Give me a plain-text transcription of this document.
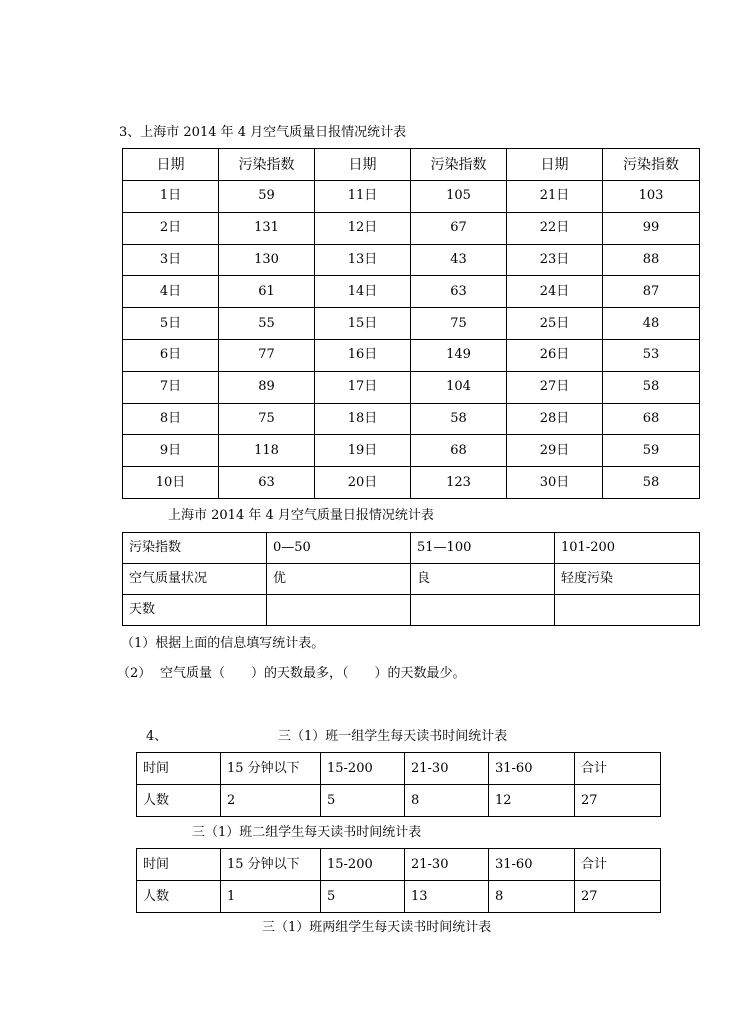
3、上海市 2014 年 4 月空气质量日报情况统计表
日期	污染指数	日期	污染指数	日期	污染指数
1日	59	11日	105	21日	103
2日	131	12日	67	22日	99
3日	130	13日	43	23日	88
4日	61	14日	63	24日	87
5日	55	15日	75	25日	48
6日	77	16日	149	26日	53
7日	89	17日	104	27日	58
8日	75	18日	58	28日	68
9日	118	19日	68	29日	59
10日	63	20日	123	30日	58
上海市 2014 年 4 月空气质量日报情况统计表
污染指数	0—50	51—100	101-200
空气质量状况	优	良	轻度污染
天数			
（1）根据上面的信息填写统计表。
（2） 空气质量（　　）的天数最多，（　　）的天数最少。
4、	三（1）班一组学生每天读书时间统计表
时间	15 分钟以下	15-200	21-30	31-60	合计
人数	2	5	8	12	27
三（1）班二组学生每天读书时间统计表
时间	15 分钟以下	15-200	21-30	31-60	合计
人数	1	5	13	8	27
三（1）班两组学生每天读书时间统计表
